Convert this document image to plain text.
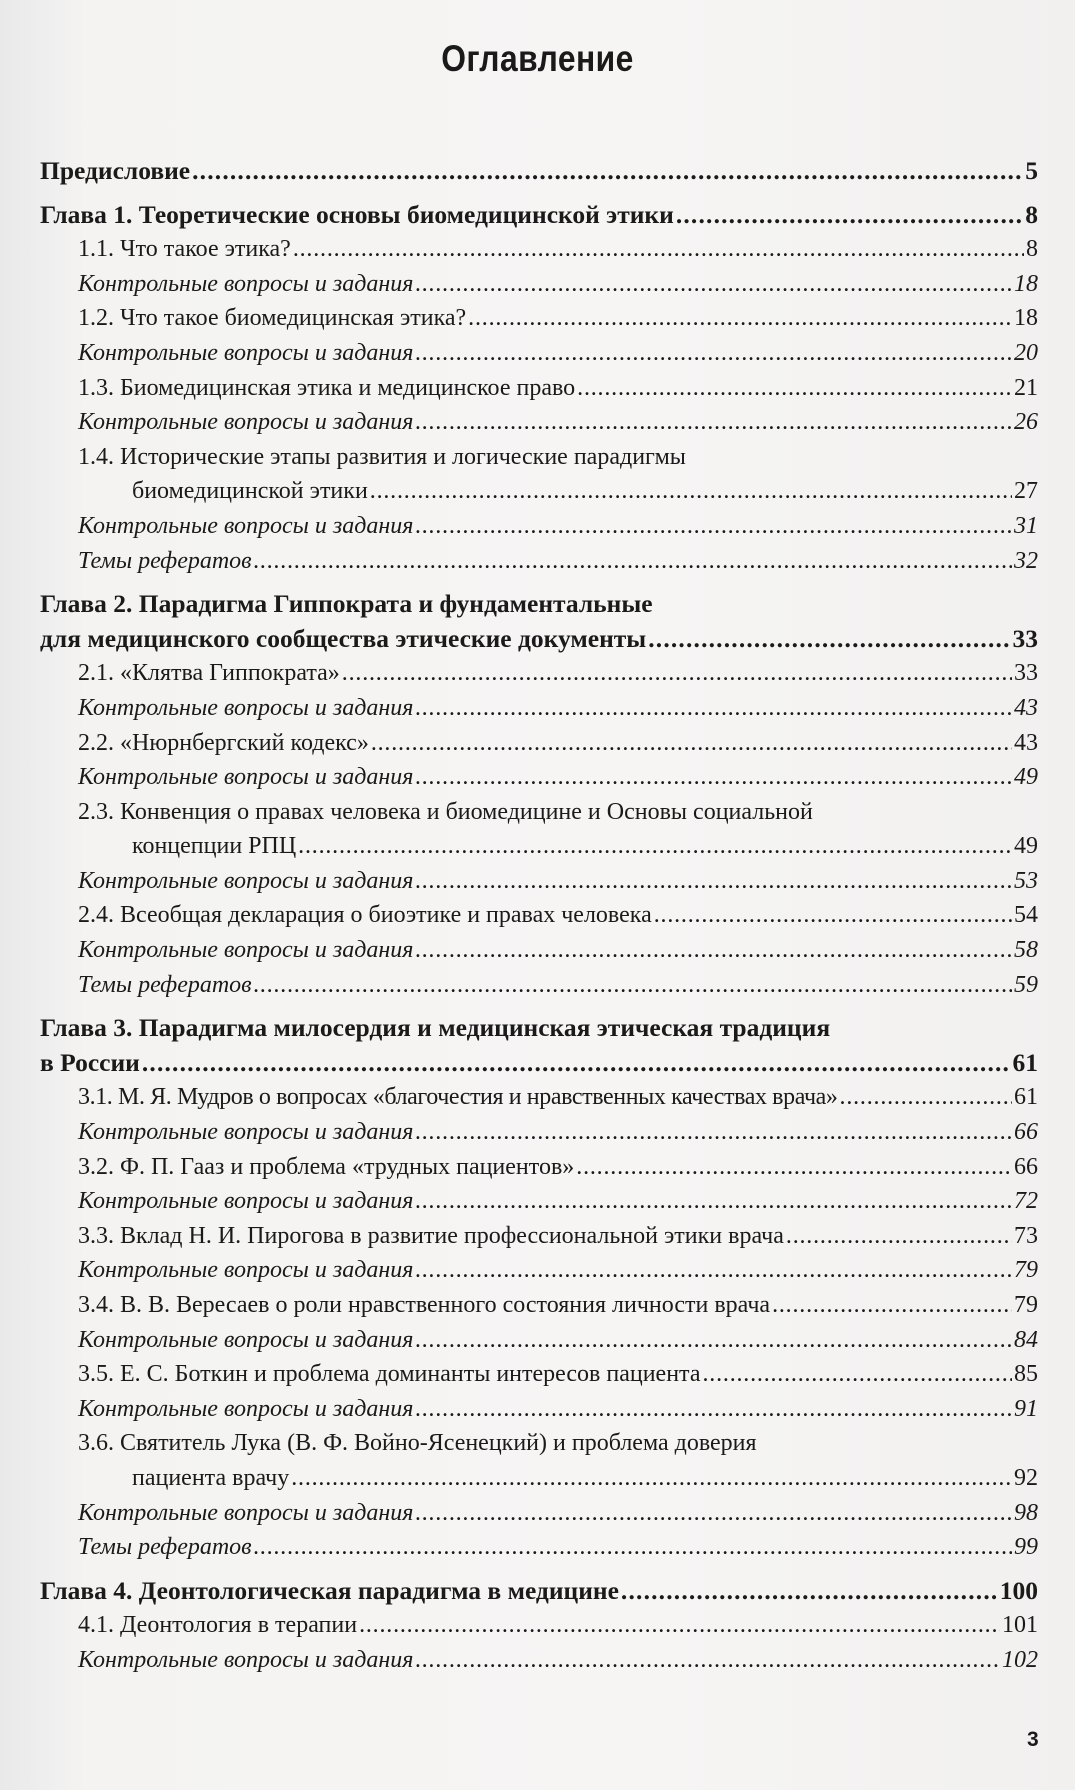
Оглавление
Предисловие . . .	5
Глава 1. Теоретические основы биомедицинской этики . . .	8
1.1. Что такое этика? . . .	8
Контрольные вопросы и задания . . .	18
1.2. Что такое биомедицинская этика? . . .	18
Контрольные вопросы и задания . . .	20
1.3. Биомедицинская этика и медицинское право . . .	21
Контрольные вопросы и задания . . .	26
1.4. Исторические этапы развития и логические парадигмы
биомедицинской этики . . .	27
Контрольные вопросы и задания . . .	31
Темы рефератов . . .	32
Глава 2. Парадигма Гиппократа и фундаментальные
для медицинского сообщества этические документы . . .	33
2.1. «Клятва Гиппократа» . . .	33
Контрольные вопросы и задания . . .	43
2.2. «Нюрнбергский кодекс» . . .	43
Контрольные вопросы и задания . . .	49
2.3. Конвенция о правах человека и биомедицине и Основы социальной
концепции РПЦ . . .	49
Контрольные вопросы и задания . . .	53
2.4. Всеобщая декларация о биоэтике и правах человека . . .	54
Контрольные вопросы и задания . . .	58
Темы рефератов . . .	59
Глава 3. Парадигма милосердия и медицинская этическая традиция
в России . . .	61
3.1. М. Я. Мудров о вопросах «благочестия и нравственных качествах врача» . . .	61
Контрольные вопросы и задания . . .	66
3.2. Ф. П. Гааз и проблема «трудных пациентов» . . .	66
Контрольные вопросы и задания . . .	72
3.3. Вклад Н. И. Пирогова в развитие профессиональной этики врача . . .	73
Контрольные вопросы и задания . . .	79
3.4. В. В. Вересаев о роли нравственного состояния личности врача . . .	79
Контрольные вопросы и задания . . .	84
3.5. Е. С. Боткин и проблема доминанты интересов пациента . . .	85
Контрольные вопросы и задания . . .	91
3.6. Святитель Лука (В. Ф. Войно-Ясенецкий) и проблема доверия
пациента врачу . . .	92
Контрольные вопросы и задания . . .	98
Темы рефератов . . .	99
Глава 4. Деонтологическая парадигма в медицине . . .	100
4.1. Деонтология в терапии . . .	101
Контрольные вопросы и задания . . .	102
3
